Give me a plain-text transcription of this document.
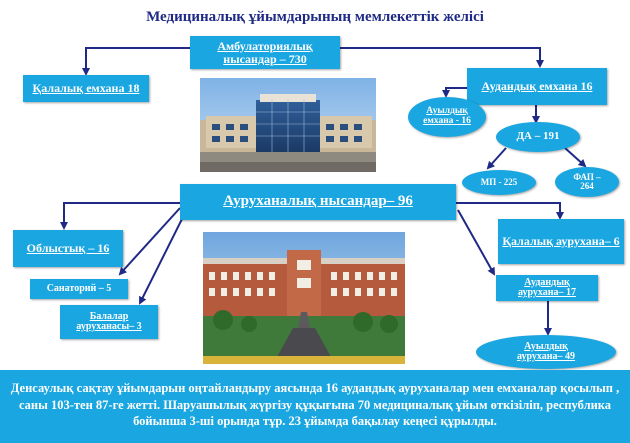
Медициналық ұйымдарының мемлекеттік желісі
Амбулаториялық нысандар – 730
Қалалық емхана 18	Аудандық емхана 16
Ауылдық емхана - 16
ДА – 191
МП - 225
ФАП – 264
Ауруханалық нысандар– 96
Облыстық – 16
Санаторий – 5
Балалар ауруханасы– 3
Қалалық аурухана– 6
Аудандық аурухана– 17
Ауылдық аурухана– 49
Денсаулық сақтау ұйымдарын оңтайландыру аясында 16 аудандық ауруханалар мен емханалар қосылып , саны 103-тен 87-ге жетті. Шаруашылық жүргізу құқығына 70 медициналық ұйым өткізіліп, республика бойынша 3-ші орында тұр. 23 ұйымда бақылау кеңесі құрылды.
